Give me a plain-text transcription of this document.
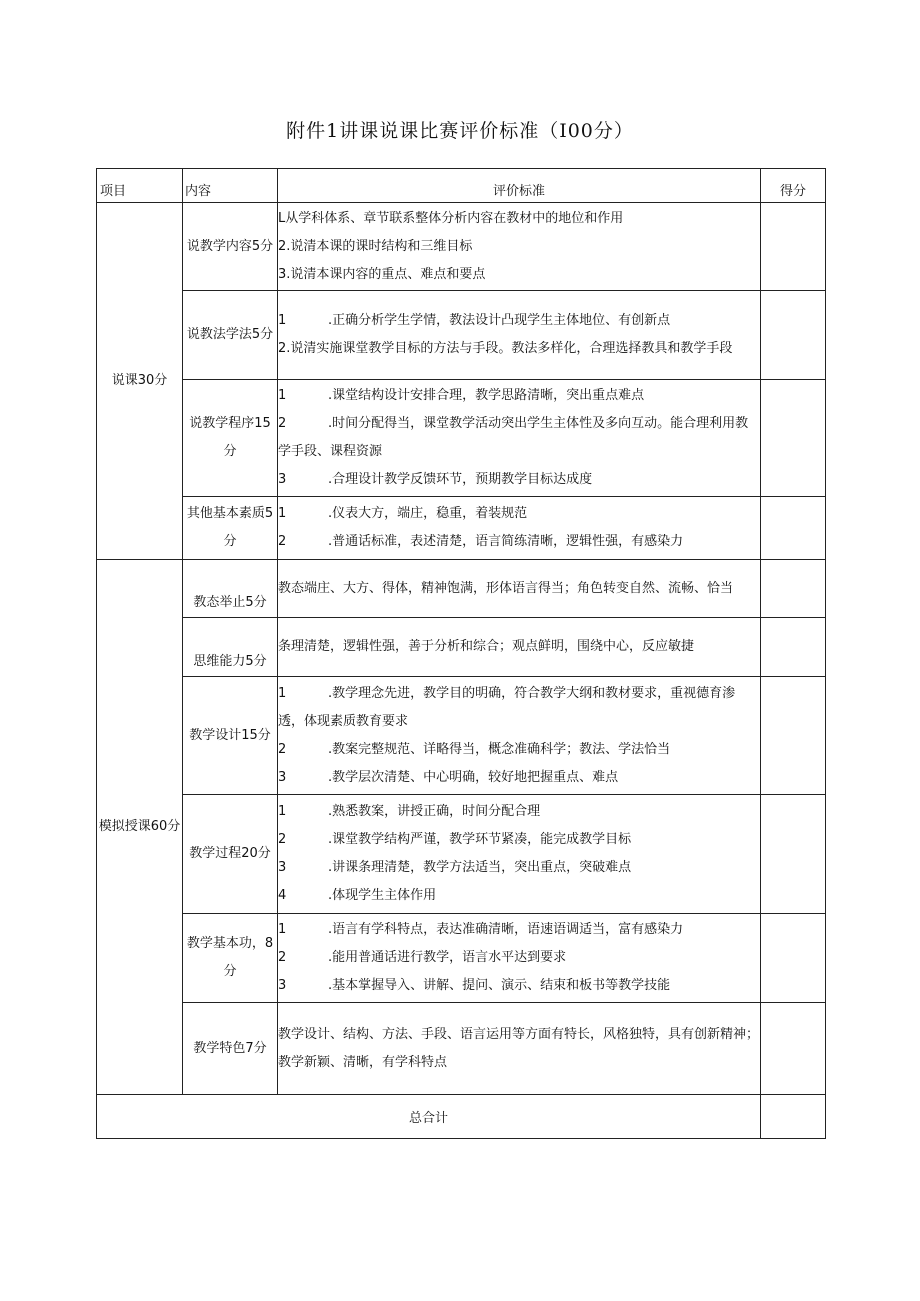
附件1讲课说课比赛评价标准（I00分）
项目	内容	评价标准	得分
说课30分	说教学内容5分	L从学科体系、章节联系整体分析内容在教材中的地位和作用
2.说清本课的课时结构和三维目标
3.说清本课内容的重点、难点和要点	

	说教法学法5分	1 .正确分析学生学情，教法设计凸现学生主体地位、有创新点
2.说清实施课堂教学目标的方法与手段。教法多样化，合理选择教具和教学手段	

	说教学程序15分	1 .课堂结构设计安排合理，教学思路清晰，突出重点难点
2 .时间分配得当，课堂教学活动突出学生主体性及多向互动。能合理利用教学手段、课程资源
3 .合理设计教学反馈环节，预期教学目标达成度	

	其他基本素质5分	1 .仪表大方，端庄，稳重，着装规范
2 .普通话标准，表述清楚，语言简练清晰，逻辑性强，有感染力	

模拟授课60分	教态举止5分	教态端庄、大方、得体，精神饱满，形体语言得当；角色转变自然、流畅、恰当	

	思维能力5分	条理清楚，逻辑性强，善于分析和综合；观点鲜明，围绕中心，反应敏捷	

	教学设计15分	1 .教学理念先进，教学目的明确，符合教学大纲和教材要求，重视德育渗透，体现素质教育要求
2 .教案完整规范、详略得当，概念准确科学；教法、学法恰当
3 .教学层次清楚、中心明确，较好地把握重点、难点	

	教学过程20分	1 .熟悉教案，讲授正确，时间分配合理
2 .课堂教学结构严谨，教学环节紧凑，能完成教学目标
3 .讲课条理清楚，教学方法适当，突出重点，突破难点
4 .体现学生主体作用	

	教学基本功，8分	1 .语言有学科特点，表达准确清晰，语速语调适当，富有感染力
2 .能用普通话进行教学，语言水平达到要求
3 .基本掌握导入、讲解、提问、演示、结束和板书等教学技能	

	教学特色7分	教学设计、结构、方法、手段、语言运用等方面有特长，风格独特，具有创新精神；教学新颖、清晰，有学科特点	

总合计			
